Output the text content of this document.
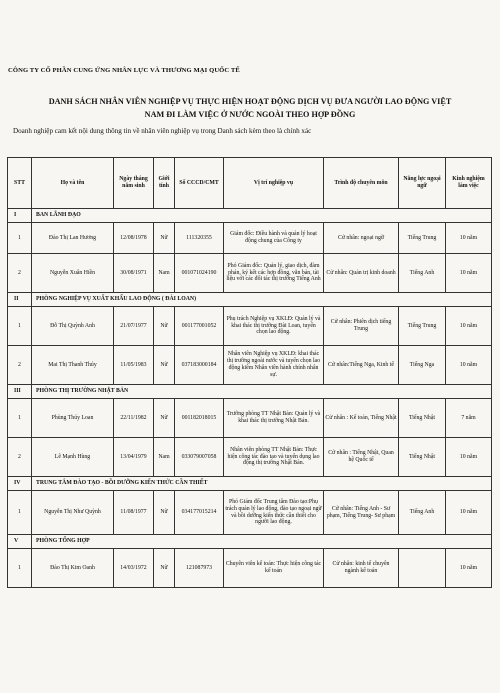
CÔNG TY CỔ PHẦN CUNG ỨNG NHÂN LỰC VÀ THƯƠNG MẠI QUỐC TẾ
DANH SÁCH NHÂN VIÊN NGHIỆP VỤ THỰC HIỆN HOẠT ĐỘNG DỊCH VỤ ĐƯA NGƯỜI LAO ĐỘNG VIỆT
NAM ĐI LÀM VIỆC Ở NƯỚC NGOÀI THEO HỢP ĐỒNG
Doanh nghiệp cam kết nội dung thông tin về nhân viên nghiệp vụ trong Danh sách kèm theo là chính xác
STT	Họ và tên	Ngày tháng năm sinh	Giới tính	Số CCCD/CMT	Vị trí nghiệp vụ	Trình độ chuyên môn	Năng lực ngoại ngữ	Kinh nghiệm làm việc
I	BAN LÃNH ĐẠO							
1	Đào Thị Lan Hương	12/08/1978	Nữ	111320355	Giám đốc: Điều hành và quản lý hoạt động chung của Công ty	Cử nhân: ngoại ngữ	Tiếng Trung	10 năm
2	Nguyễn Xuân Hiền	30/08/1971	Nam	001071024190	Phó Giám đốc: Quản lý, giao dịch, đàm phán, ký kết các hợp đồng, văn bản, tài liệu với các đối tác thị trường Tiếng Anh	Cử nhân: Quản trị kinh doanh	Tiếng Anh	10 năm
II	PHÒNG NGHIỆP VỤ XUẤT KHẨU LAO ĐỘNG ( ĐÀI LOAN)							
1	Đỗ Thị Quỳnh Anh	21/07/1977	Nữ	001177001052	Phụ trách Nghiệp vụ XKLĐ: Quản lý và khai thác thị trường Đài Loan, tuyển chọn lao động.	Cử nhân: Phiên dịch tiếng Trung	Tiếng Trung	10 năm
2	Mai Thị Thanh Thúy	11/05/1983	Nữ	037183000184	Nhân viên Nghiệp vụ XKLĐ: khai thác thị trường ngoài nước và tuyển chọn lao động kiêm Nhân viên hành chính nhân sự.	Cử nhân:Tiếng Nga, Kinh tế	Tiếng Nga	10 năm
III	PHÒNG THỊ TRƯỜNG NHẬT BẢN							
1	Phùng Thúy Loan	22/11/1982	Nữ	001182018015	Trưởng phòng TT Nhật Bản: Quản lý và khai thác thị trường Nhật Bản.	Cử nhân : Kế toán, Tiếng Nhật	Tiếng Nhật	7 năm
2	Lê Mạnh Hùng	13/04/1979	Nam	033079007058	Nhân viên phòng TT Nhật Bản: Thực hiện công tác đào tạo và tuyển dụng lao động thị trường Nhật Bản.	Cử nhân : Tiếng Nhật, Quan hệ Quốc tế	Tiếng Nhật	10 năm
IV	TRUNG TÂM ĐÀO TẠO - BỒI DƯỠNG KIẾN THỨC CẦN THIẾT							
1	Nguyễn Thị Như Quỳnh	11/08/1977	Nữ	034177015214	Phó Giám đốc Trung tâm Đào tạo:Phụ trách quản lý lao động, đào tạo ngoại ngữ và bồi dưỡng kiến thức cần thiết cho người lao động.	Cử nhân: Tiếng Anh - Sư phạm, Tiếng Trung- Sư phạm	Tiếng Anh	10 năm
V	PHÒNG TỔNG HỢP							
1	Đào Thị Kim Oanh	14/03/1972	Nữ	121087973	Chuyên viên kế toán: Thực hiện công tác kế toán	Cử nhân: kinh tế chuyên ngành kế toán		10 năm
